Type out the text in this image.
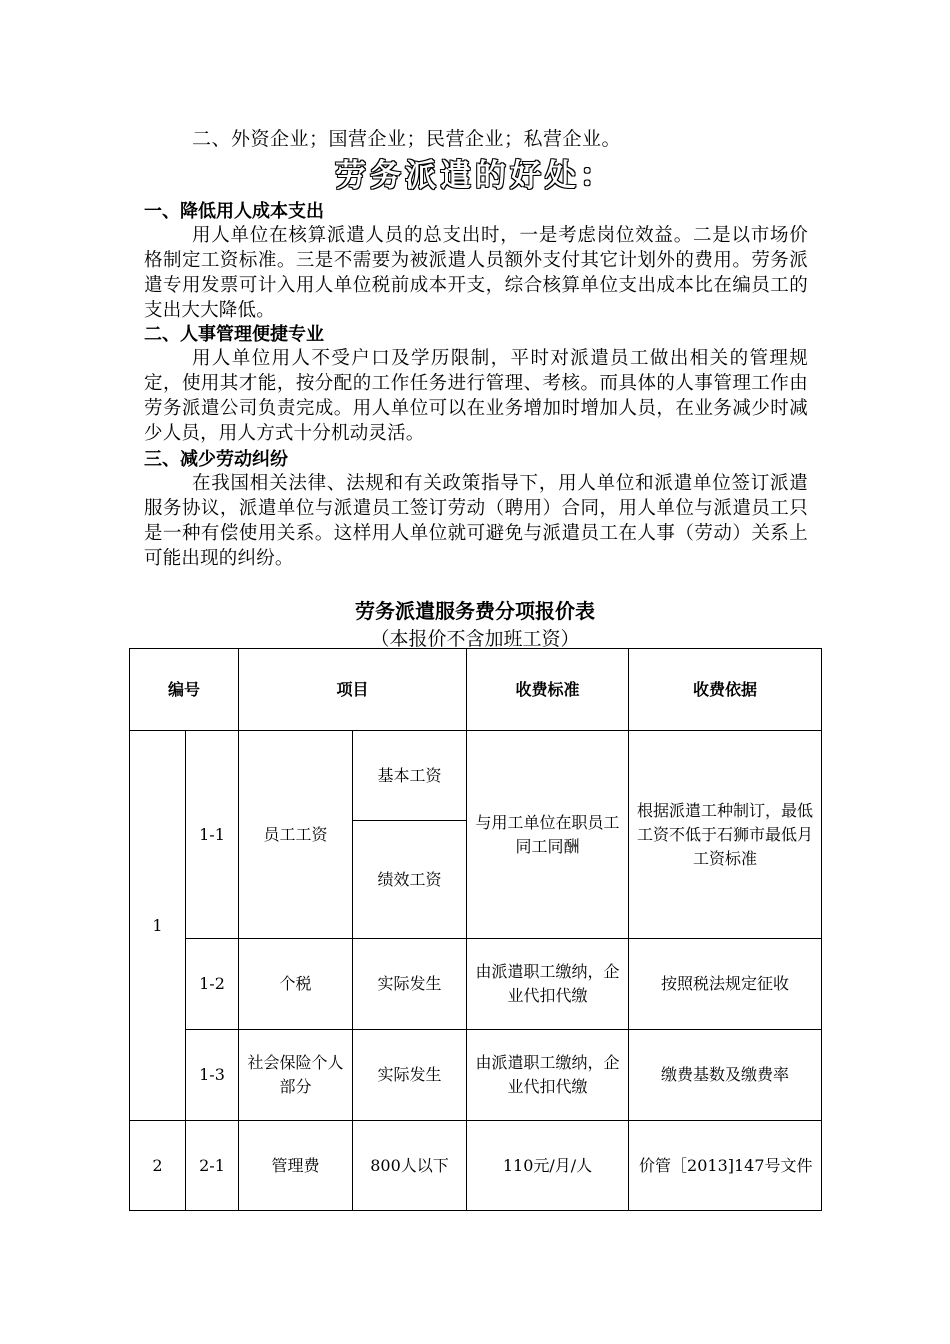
二、外资企业；国营企业；民营企业；私营企业。
劳务派遣的好处：
一、降低用人成本支出
用人单位在核算派遣人员的总支出时，一是考虑岗位效益。二是以市场价格制定工资标准。三是不需要为被派遣人员额外支付其它计划外的费用。劳务派遣专用发票可计入用人单位税前成本开支，综合核算单位支出成本比在编员工的支出大大降低。
二、人事管理便捷专业
用人单位用人不受户口及学历限制，平时对派遣员工做出相关的管理规定，使用其才能，按分配的工作任务进行管理、考核。而具体的人事管理工作由劳务派遣公司负责完成。用人单位可以在业务增加时增加人员，在业务减少时减少人员，用人方式十分机动灵活。
三、减少劳动纠纷
在我国相关法律、法规和有关政策指导下，用人单位和派遣单位签订派遣服务协议，派遣单位与派遣员工签订劳动（聘用）合同，用人单位与派遣员工只是一种有偿使用关系。这样用人单位就可避免与派遣员工在人事（劳动）关系上可能出现的纠纷。
劳务派遣服务费分项报价表
（本报价不含加班工资）
编号		项目		收费标准	收费依据
1	1-1	员工工资	基本工资	与用工单位在职员工同工同酬	根据派遣工种制订，最低工资不低于石狮市最低月工资标准
			绩效工资		
	1-2	个税	实际发生	由派遣职工缴纳，企业代扣代缴	按照税法规定征收
	1-3	社会保险个人部分	实际发生	由派遣职工缴纳，企业代扣代缴	缴费基数及缴费率
2	2-1	管理费	800人以下	110元/月/人	价管［2013]147号文件
